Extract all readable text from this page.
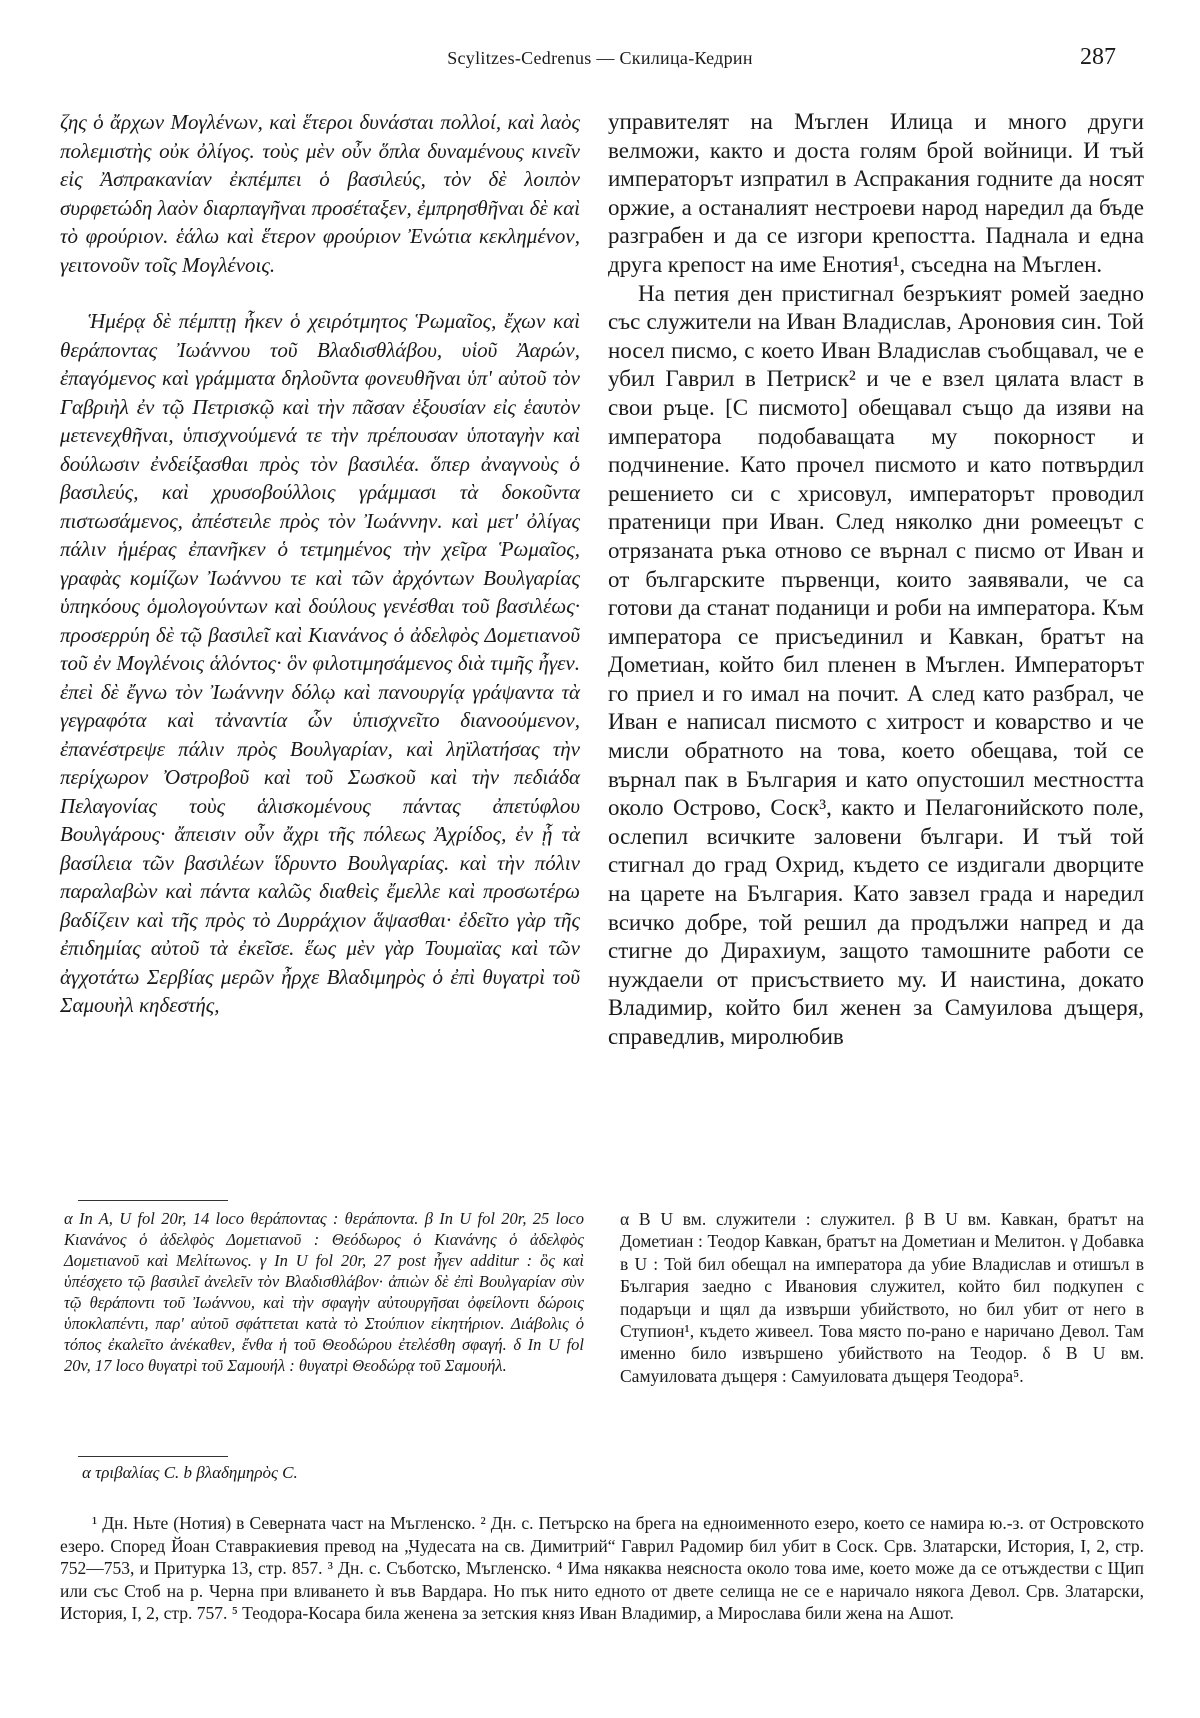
Scylitzes-Cedrenus — Скилица-Кедрин	287

ζης ὁ ἄρχων Μογλένων, καὶ ἕτεροι δυνάσται πολλοί, καὶ λαὸς πολεμιστὴς οὐκ ὀλίγος. τοὺς μὲν οὖν ὅπλα δυναμένους κινεῖν εἰς Ἀσπρακανίαν ἐκπέμπει ὁ βασιλεύς, τὸν δὲ λοιπὸν συρφετώδη λαὸν διαρπαγῆναι προσέταξεν, ἐμπρησθῆναι δὲ καὶ τὸ φρούριον. ἑάλω καὶ ἕτερον φρούριον Ἐνώτια κεκλημένον, γειτονοῦν τοῖς Μογλένοις.

Ἡμέρᾳ δὲ πέμπτῃ ἧκεν ὁ χειρότμητος Ῥωμαῖος, ἔχων καὶ θεράποντας Ἰωάννου τοῦ Βλαδισθλάβου, υἱοῦ Ἀαρών, ἐπαγόμενος καὶ γράμματα δηλοῦντα φονευθῆναι ὑπ' αὐτοῦ τὸν Γαβριὴλ ἐν τῷ Πετρισκῷ καὶ τὴν πᾶσαν ἐξουσίαν εἰς ἑαυτὸν μετενεχθῆναι, ὑπισχνούμενά τε τὴν πρέπουσαν ὑποταγὴν καὶ δούλωσιν ἐνδείξασθαι πρὸς τὸν βασιλέα. ὅπερ ἀναγνοὺς ὁ βασιλεύς, καὶ χρυσοβούλλοις γράμμασι τὰ δοκοῦντα πιστωσάμενος, ἀπέστειλε πρὸς τὸν Ἰωάννην. καὶ μετ' ὀλίγας πάλιν ἡμέρας ἐπανῆκεν ὁ τετμημένος τὴν χεῖρα Ῥωμαῖος, γραφὰς κομίζων Ἰωάννου τε καὶ τῶν ἀρχόντων Βουλγαρίας ὑπηκόους ὁμολογούντων καὶ δούλους γενέσθαι τοῦ βασιλέως· προσερρύη δὲ τῷ βασιλεῖ καὶ Κιανάνος ὁ ἀδελφὸς Δομετιανοῦ τοῦ ἐν Μογλένοις ἁλόντος· ὃν φιλοτιμησάμενος διὰ τιμῆς ἦγεν. ἐπεὶ δὲ ἔγνω τὸν Ἰωάννην δόλῳ καὶ πανουργίᾳ γράψαντα τὰ γεγραφότα καὶ τἀναντία ὧν ὑπισχνεῖτο διανοούμενον, ἐπανέστρεψε πάλιν πρὸς Βουλγαρίαν, καὶ ληϊλατήσας τὴν περίχωρον Ὀστροβοῦ καὶ τοῦ Σωσκοῦ καὶ τὴν πεδιάδα Πελαγονίας τοὺς ἁλισκομένους πάντας ἀπετύφλου Βουλγάρους· ἄπεισιν οὖν ἄχρι τῆς πόλεως Ἀχρίδος, ἐν ᾗ τὰ βασίλεια τῶν βασιλέων ἵδρυντο Βουλγαρίας. καὶ τὴν πόλιν παραλαβὼν καὶ πάντα καλῶς διαθεὶς ἔμελλε καὶ προσωτέρω βαδίζειν καὶ τῆς πρὸς τὸ Δυρράχιον ἅψασθαι· ἐδεῖτο γὰρ τῆς ἐπιδημίας αὐτοῦ τὰ ἐκεῖσε. ἕως μὲν γὰρ Τουμαϊας καὶ τῶν ἀγχοτάτω Σερβίας μερῶν ἦρχε Βλαδιμηρὸς ὁ ἐπὶ θυγατρὶ τοῦ Σαμουὴλ κηδεστής,

управителят на Мъглен Илица и много други велможи, както и доста голям брой войници. И тъй императорът изпратил в Аспракания годните да носят оржие, а останалият нестроеви народ наредил да бъде разграбен и да се изгори крепостта. Паднала и една друга крепост на име Енотия¹, съседна на Мъглен.

На петия ден пристигнал безръкият ромей заедно със служители на Иван Владислав, Ароновия син. Той носел писмо, с което Иван Владислав съобщавал, че е убил Гаврил в Петриск² и че е взел цялата власт в свои ръце. [С писмото] обещавал също да изяви на императора подобаващата му покорност и подчинение. Като прочел писмото и като потвърдил решението си с хрисовул, императорът проводил пратеници при Иван. След няколко дни ромеецът с отрязаната ръка отново се върнал с писмо от Иван и от българските първенци, които заявявали, че са готови да станат поданици и роби на императора. Към императора се присъединил и Кавкан, братът на Дометиан, който бил пленен в Мъглен. Императорът го приел и го имал на почит. А след като разбрал, че Иван е написал писмото с хитрост и коварство и че мисли обратното на това, което обещава, той се върнал пак в България и като опустошил местността около Острово, Соск³, както и Пелагонийското поле, ослепил всичките заловени българи. И тъй той стигнал до град Охрид, където се издигали дворците на царете на България. Като завзел града и наредил всичко добре, той решил да продължи напред и да стигне до Дирахиум, защото тамошните работи се нуждаели от присъствието му. И наистина, докато Владимир, който бил женен за Самуилова дъщеря, справедлив, миролюбив

α In A, U fol 20r, 14 loco θεράποντας : θεράποντα. β In U fol 20r, 25 loco Κιανάνος ὁ ἀδελφὸς Δομετιανοῦ : Θεόδωρος ὁ Κιανάνης ὁ ἀδελφὸς Δομετιανοῦ καὶ Μελίτωνος. γ In U fol 20r, 27 post ἦγεν additur : ὃς καὶ ὑπέσχετο τῷ βασιλεῖ ἀνελεῖν τὸν Βλαδισθλάβον· ἀπιὼν δὲ ἐπὶ Βουλγαρίαν σὺν τῷ θεράποντι τοῦ Ἰωάννου, καὶ τὴν σφαγὴν αὐτουργῆσαι ὀφείλοντι δώροις ὑποκλαπέντι, παρ' αὐτοῦ σφάττεται κατὰ τὸ Στούπιον εἰκητήριον. Διάβολις ὁ τόπος ἐκαλεῖτο ἀνέκαθεν, ἔνθα ἡ τοῦ Θεοδώρου ἐτελέσθη σφαγή. δ In U fol 20v, 17 loco θυγατρὶ τοῦ Σαμουήλ : θυγατρὶ Θεοδώρᾳ τοῦ Σαμουήλ.
α τριβαλίας C. b βλαδημηρὸς C.
α В U вм. служители : служител. β В U вм. Кавкан, братът на Дометиан : Теодор Кавкан, братът на Дометиан и Мелитон. γ Добавка в U : Той бил обещал на императора да убие Владислав и отишъл в България заедно с Ивановия служител, който бил подкупен с подаръци и щял да извърши убийството, но бил убит от него в Ступион¹, където живеел. Това място по-рано е наричано Девол. Там именно било извършено убийството на Теодор. δ В U вм. Самуиловата дъщеря : Самуиловата дъщеря Теодора⁵.

¹ Дн. Ньте (Нотия) в Северната част на Мъгленско. ² Дн. с. Петърско на брега на едноименното езеро, което се намира ю.-з. от Островското езеро. Според Йоан Ставракиевия превод на „Чудесата на св. Димитрий“ Гаврил Радомир бил убит в Соск. Срв. Златарски, История, I, 2, стр. 752—753, и Притурка 13, стр. 857. ³ Дн. с. Съботско, Мъгленско. ⁴ Има някаква неясноста около това име, което може да се отъждестви с Щип или със Стоб на р. Черна при вливането ѝ във Вардара. Но пък нито едното от двете селища не се е наричало някога Девол. Срв. Златарски, История, I, 2, стр. 757. ⁵ Теодора-Косара била женена за зетския княз Иван Владимир, а Мирослава били жена на Ашот.
